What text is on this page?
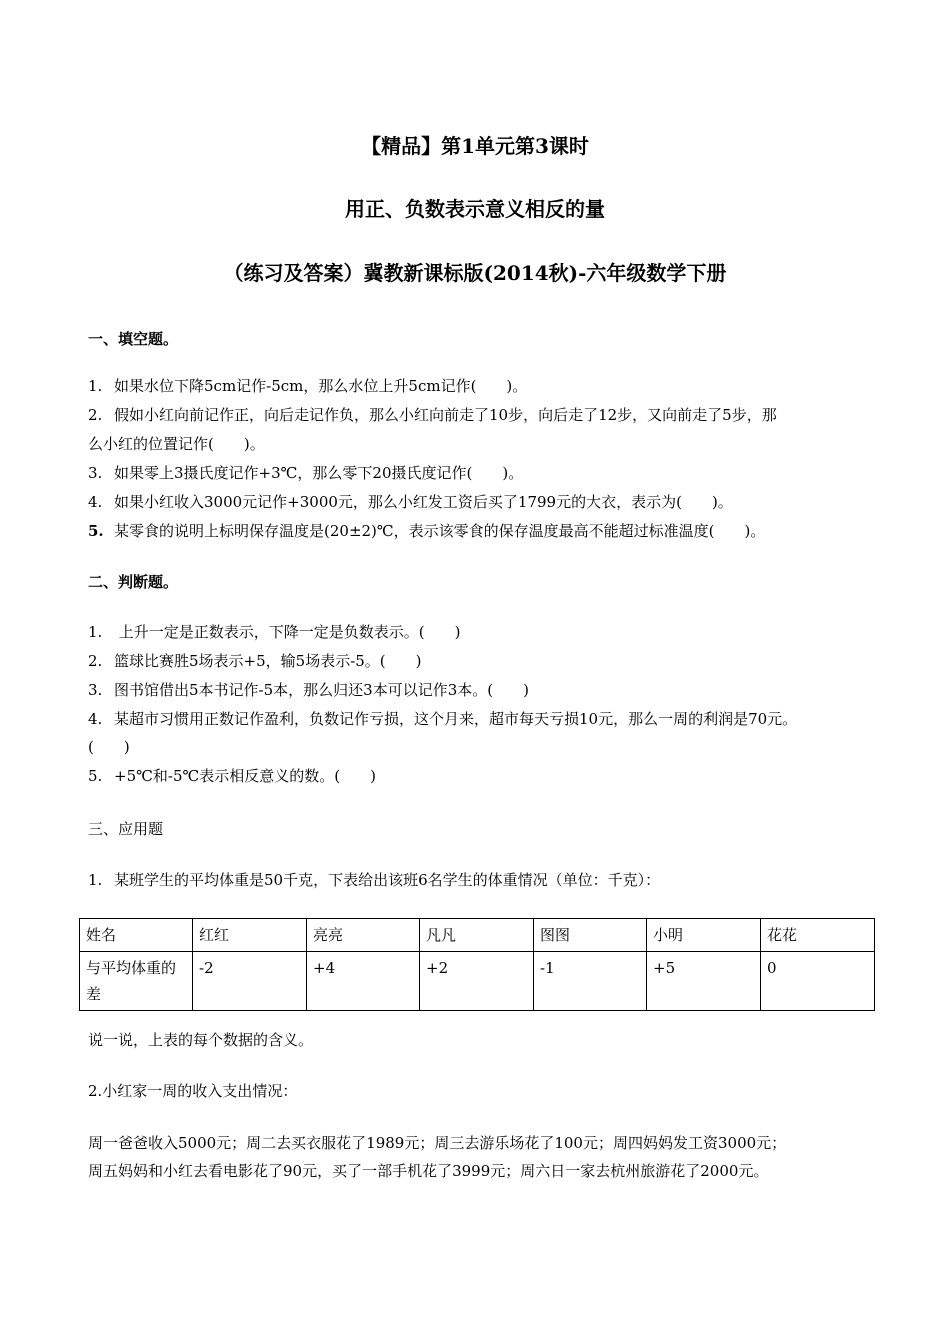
【精品】第1单元第3课时
用正、负数表示意义相反的量
（练习及答案）冀教新课标版(2014秋)-六年级数学下册
一、填空题。
1. 如果水位下降5cm记作-5cm，那么水位上升5cm记作(　　)。
2. 假如小红向前记作正，向后走记作负，那么小红向前走了10步，向后走了12步，又向前走了5步，那
么小红的位置记作(　　)。
3. 如果零上3摄氏度记作+3℃，那么零下20摄氏度记作(　　)。
4. 如果小红收入3000元记作+3000元，那么小红发工资后买了1799元的大衣，表示为(　　)。
5. 某零食的说明上标明保存温度是(20±2)℃，表示该零食的保存温度最高不能超过标准温度(　　)。
二、判断题。
1. 上升一定是正数表示，下降一定是负数表示。(　　)
2. 篮球比赛胜5场表示+5，输5场表示-5。(　　)
3. 图书馆借出5本书记作-5本，那么归还3本可以记作3本。(　　)
4. 某超市习惯用正数记作盈利，负数记作亏损，这个月来，超市每天亏损10元，那么一周的利润是70元。
(　　)
5. +5℃和-5℃表示相反意义的数。(　　)
三、应用题
1. 某班学生的平均体重是50千克，下表给出该班6名学生的体重情况（单位：千克）：
姓名	红红	亮亮	凡凡	图图	小明	花花
与平均体重的差	-2	+4	+2	-1	+5	0
说一说，上表的每个数据的含义。
2.小红家一周的收入支出情况：
周一爸爸收入5000元；周二去买衣服花了1989元；周三去游乐场花了100元；周四妈妈发工资3000元；
周五妈妈和小红去看电影花了90元，买了一部手机花了3999元；周六日一家去杭州旅游花了2000元。
